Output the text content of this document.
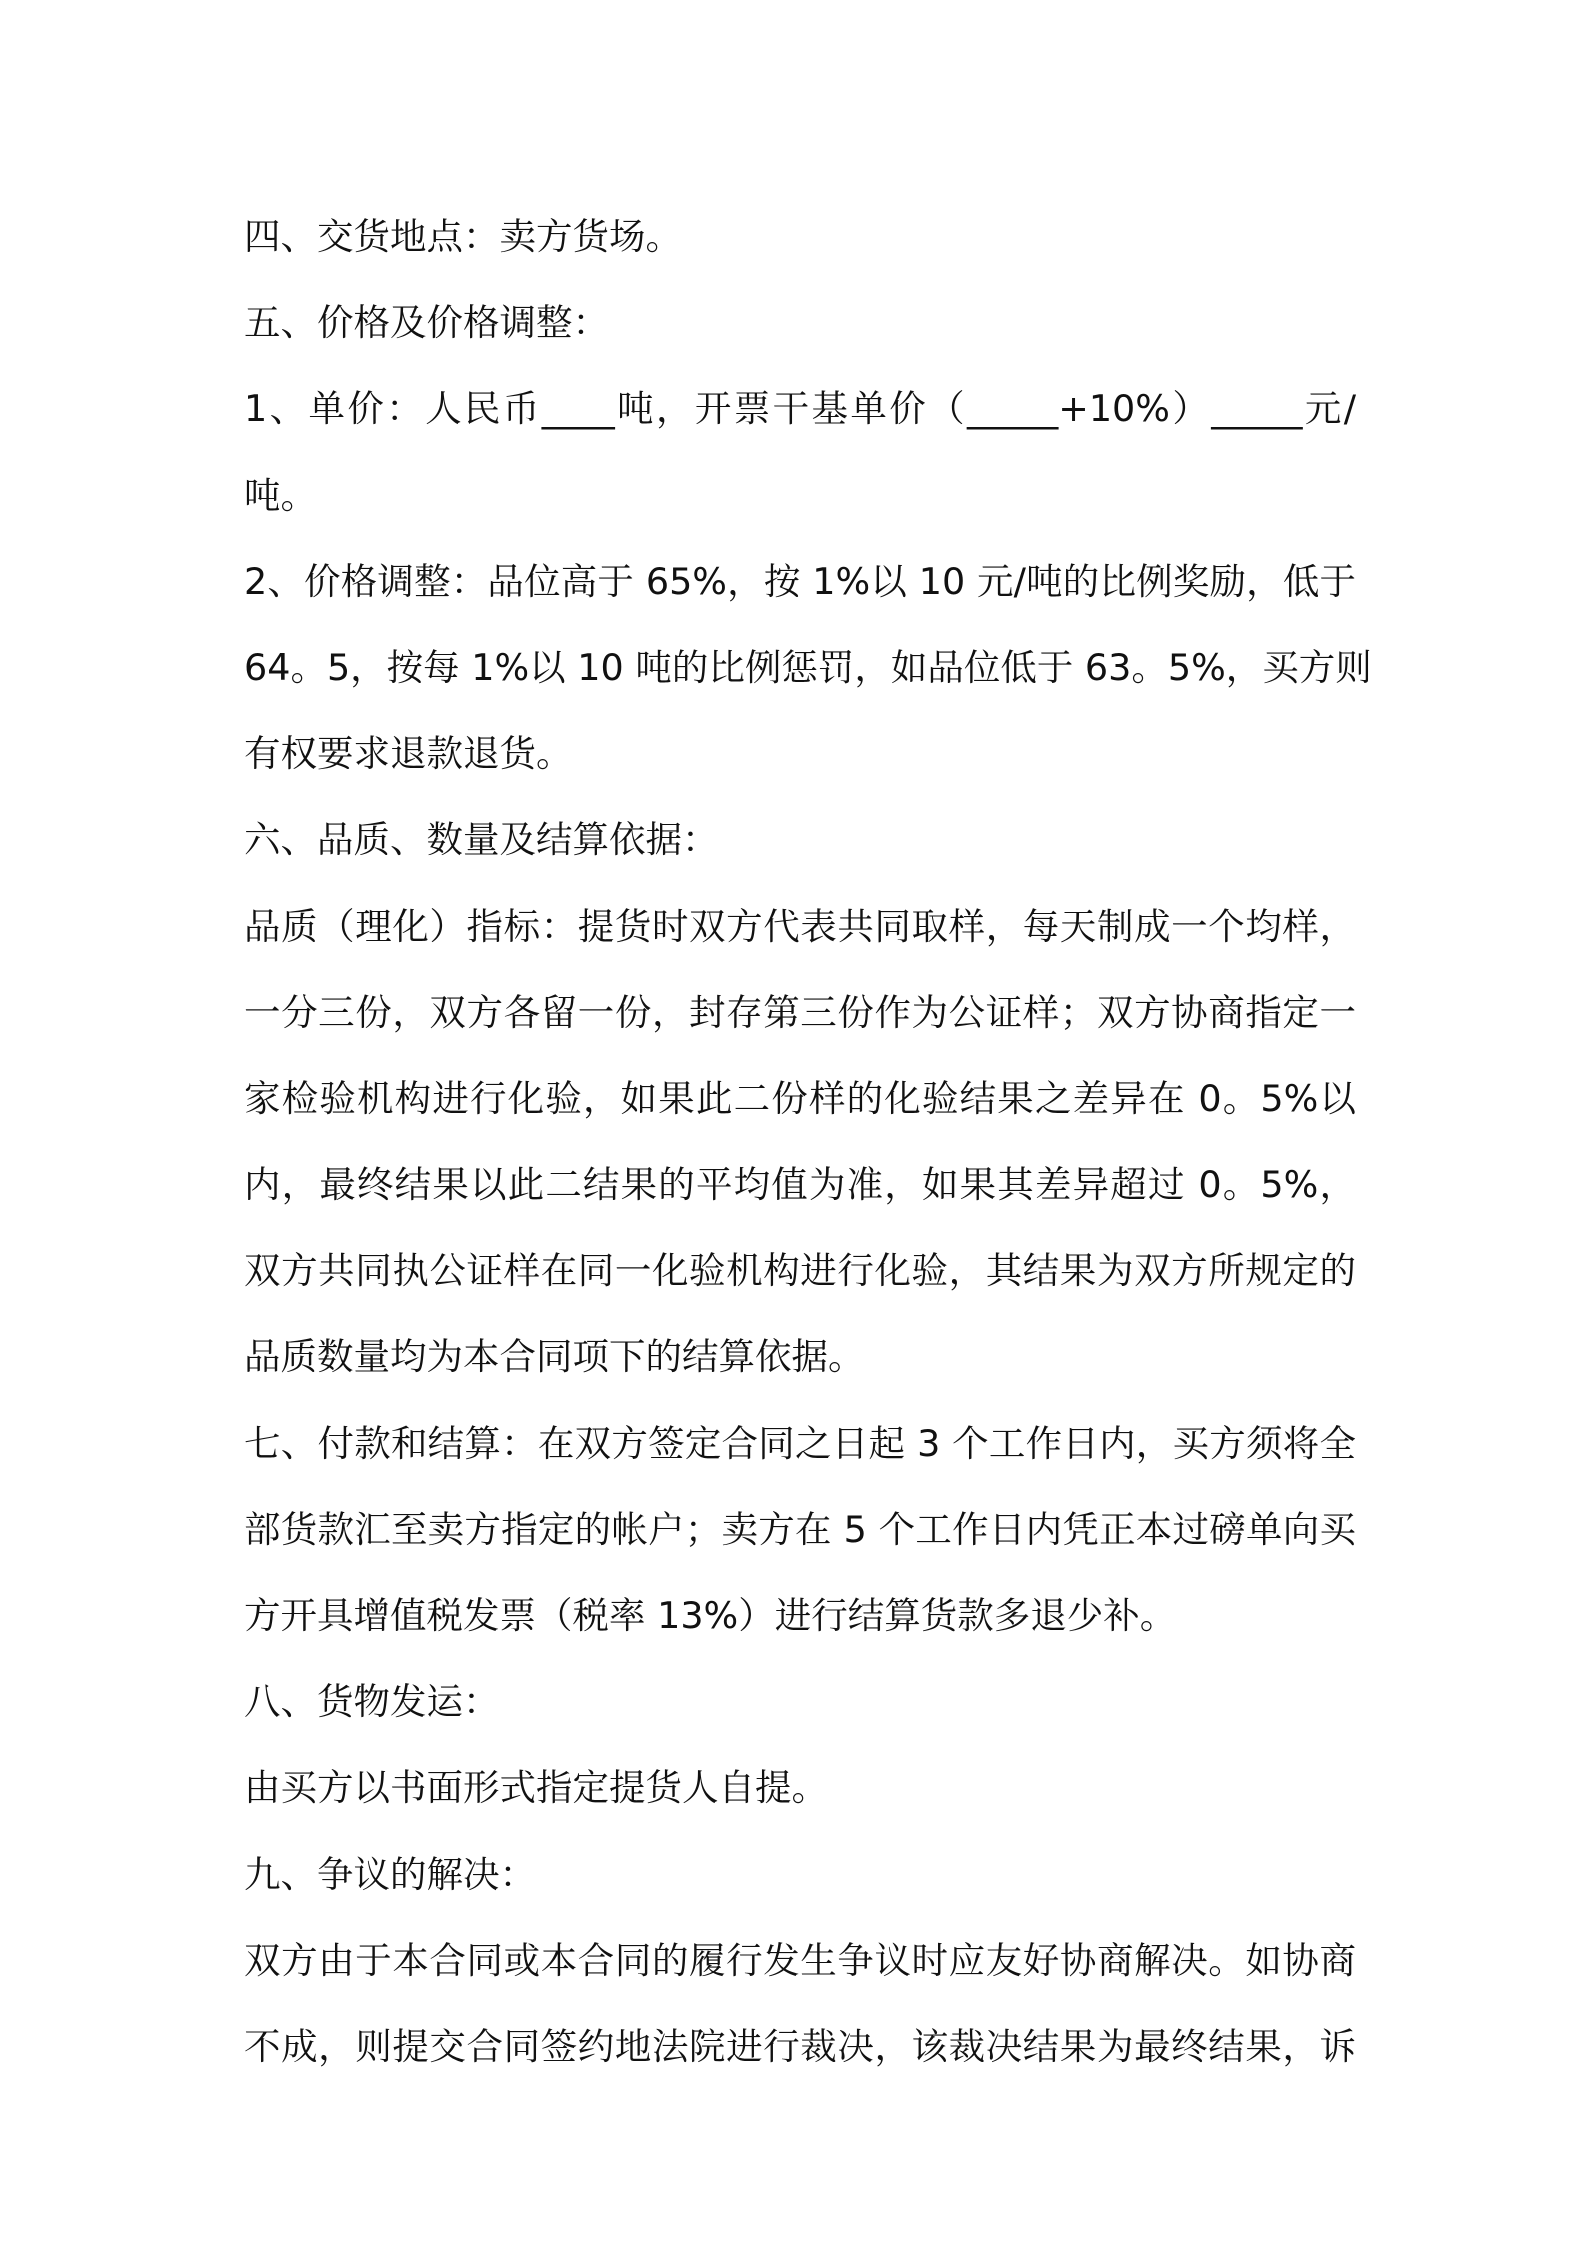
四、交货地点：卖方货场。
五、价格及价格调整：
1、单价：人民币____吨，开票干基单价（_____+10%）_____元/
吨。
2、价格调整：品位高于 65%，按 1%以 10 元/吨的比例奖励，低于
64。5，按每 1%以 10 吨的比例惩罚，如品位低于 63。5%，买方则
有权要求退款退货。
六、品质、数量及结算依据：
品质（理化）指标：提货时双方代表共同取样，每天制成一个均样，
一分三份，双方各留一份，封存第三份作为公证样；双方协商指定一
家检验机构进行化验，如果此二份样的化验结果之差异在 0。5%以
内，最终结果以此二结果的平均值为准，如果其差异超过 0。5%，
双方共同执公证样在同一化验机构进行化验，其结果为双方所规定的
品质数量均为本合同项下的结算依据。
七、付款和结算：在双方签定合同之日起 3 个工作日内，买方须将全
部货款汇至卖方指定的帐户；卖方在 5 个工作日内凭正本过磅单向买
方开具增值税发票（税率 13%）进行结算货款多退少补。
八、货物发运：
由买方以书面形式指定提货人自提。
九、争议的解决：
双方由于本合同或本合同的履行发生争议时应友好协商解决。如协商
不成，则提交合同签约地法院进行裁决，该裁决结果为最终结果，诉
